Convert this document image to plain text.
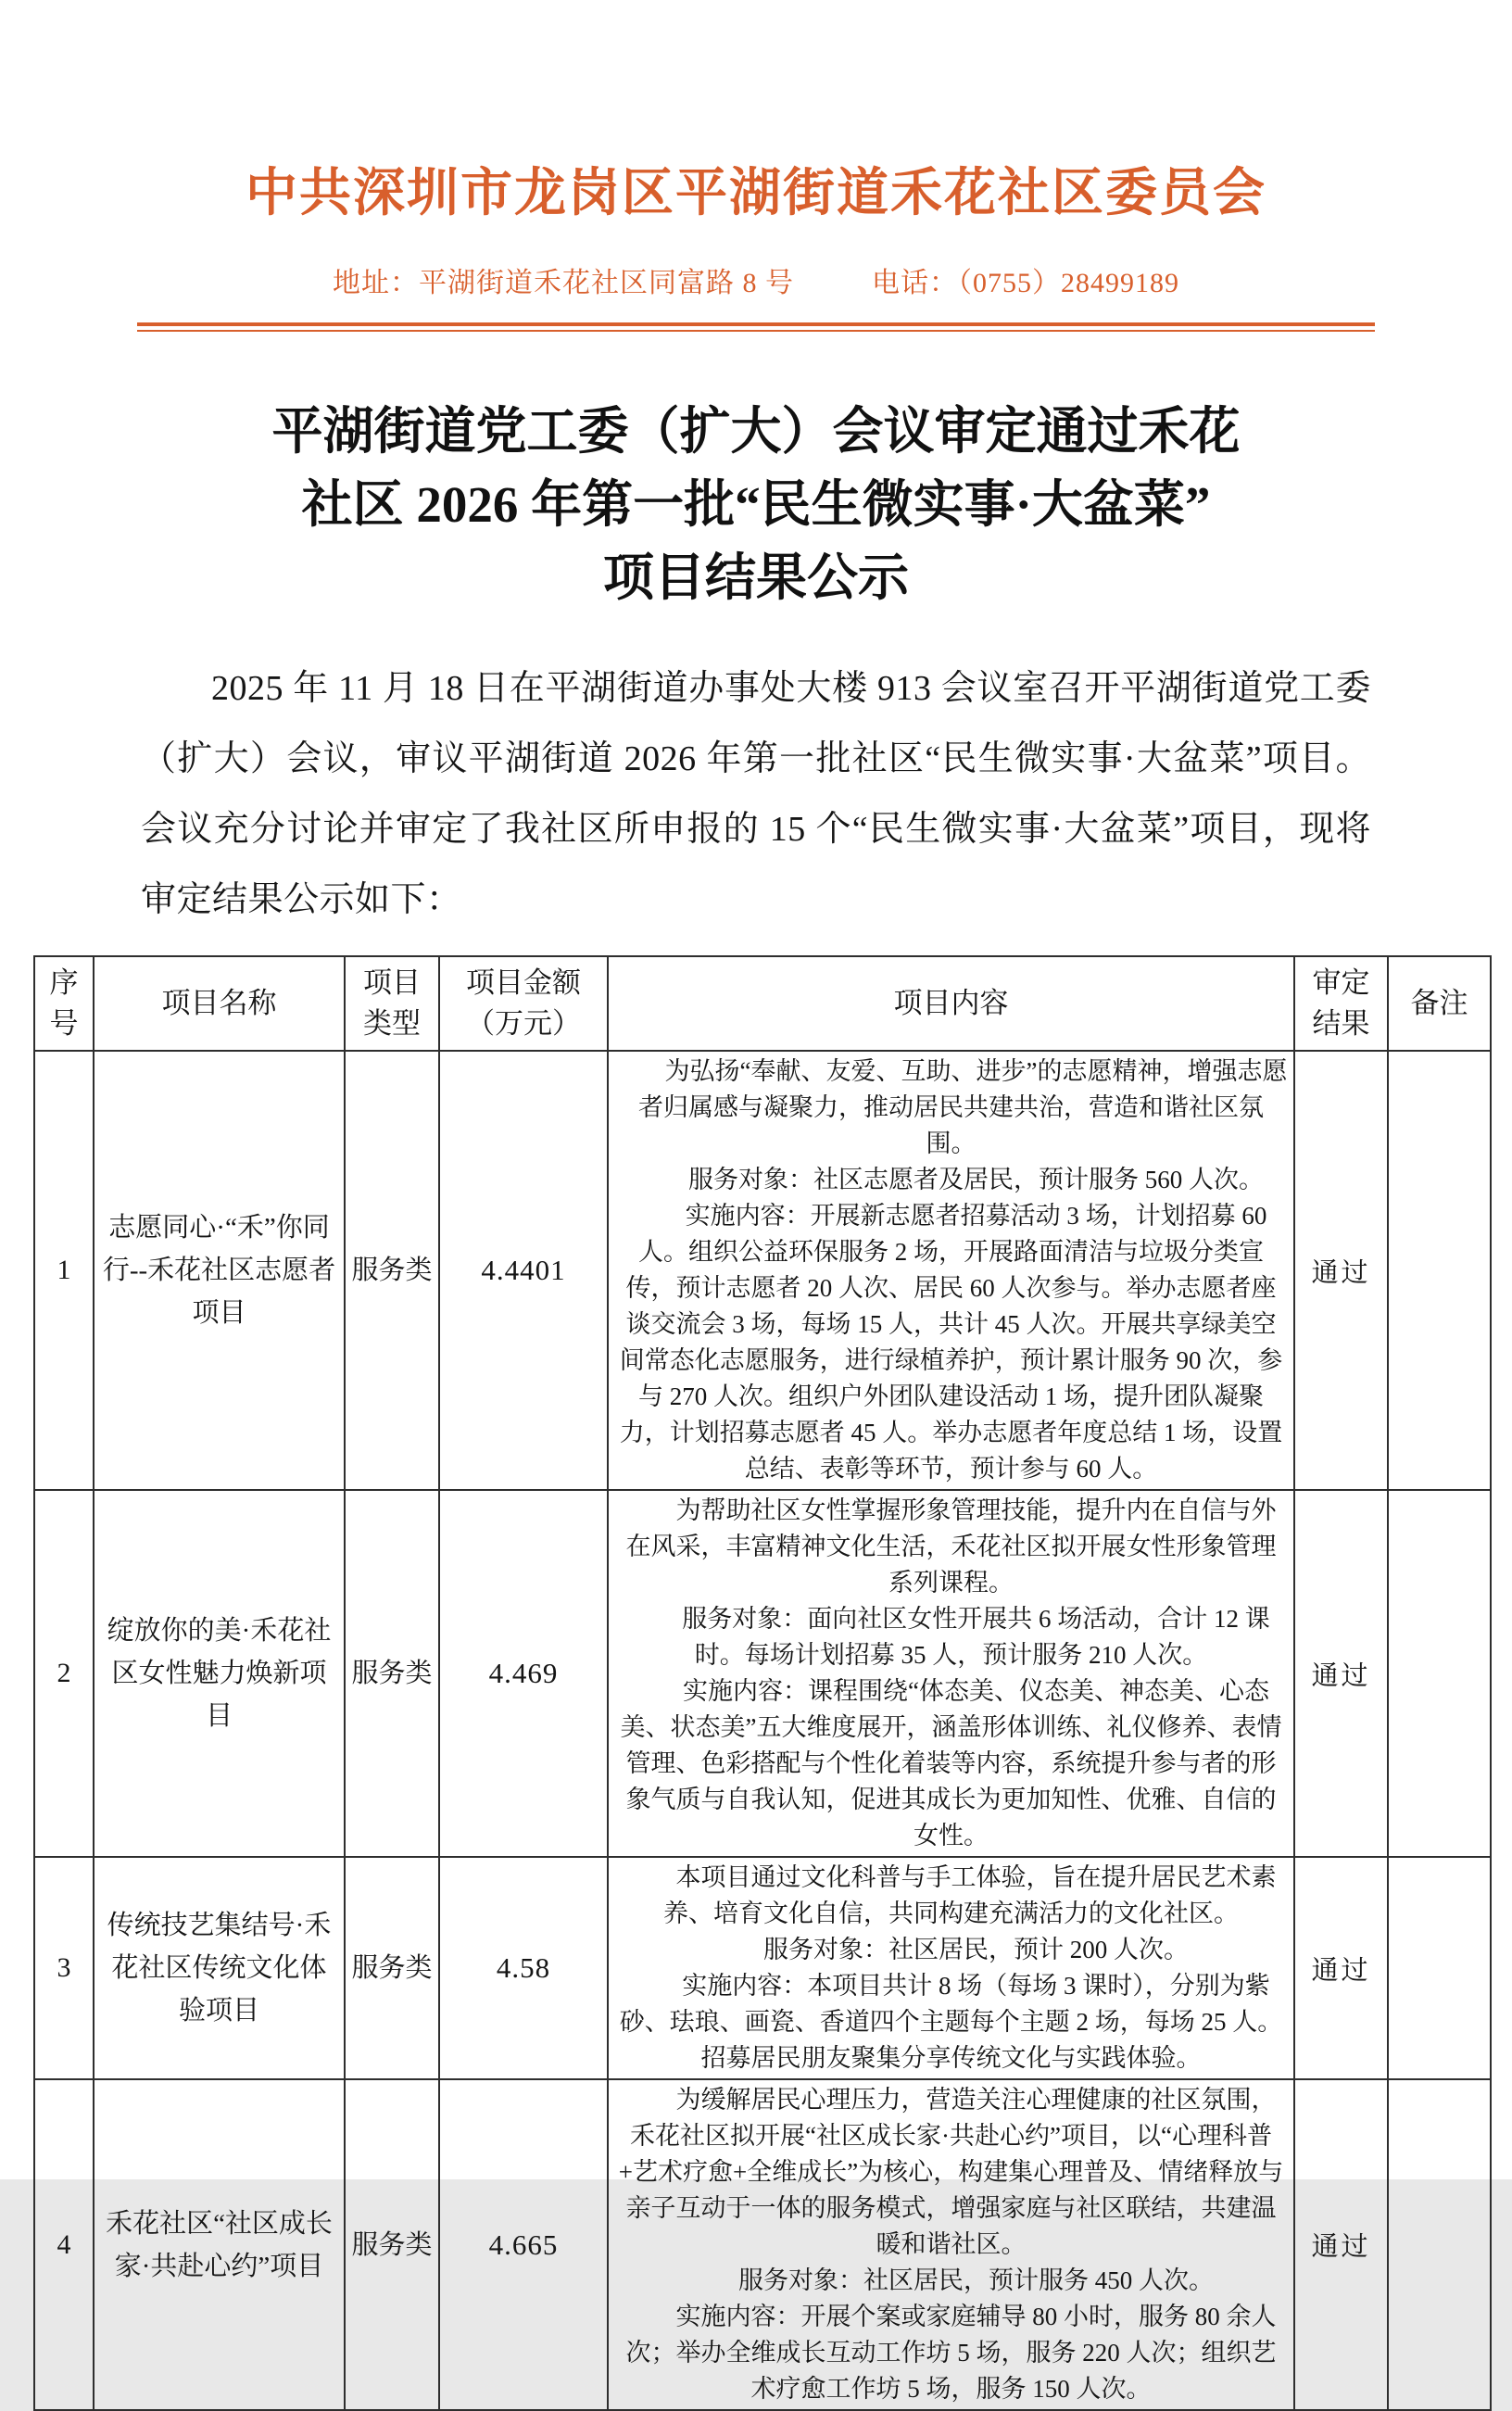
中共深圳市龙岗区平湖街道禾花社区委员会
地址：平湖街道禾花社区同富路 8 号	电话：（0755）28499189
平湖街道党工委（扩大）会议审定通过禾花
社区 2026 年第一批“民生微实事·大盆菜”
项目结果公示

2025 年 11 月 18 日在平湖街道办事处大楼 913 会议室召开平湖街道党工委（扩大）会议，审议平湖街道 2026 年第一批社区“民生微实事·大盆菜”项目。会议充分讨论并审定了我社区所申报的 15 个“民生微实事·大盆菜”项目，现将审定结果公示如下：

序号	项目名称	项目类型	项目金额（万元）	项目内容	审定结果	备注
1	志愿同心·“禾”你同行--禾花社区志愿者项目	服务类	4.4401	为弘扬“奉献、友爱、互助、进步”的志愿精神，增强志愿者归属感与凝聚力，推动居民共建共治，营造和谐社区氛围。

服务对象：社区志愿者及居民，预计服务 560 人次。

实施内容：开展新志愿者招募活动 3 场，计划招募 60 人。组织公益环保服务 2 场，开展路面清洁与垃圾分类宣传，预计志愿者 20 人次、居民 60 人次参与。举办志愿者座谈交流会 3 场，每场 15 人，共计 45 人次。开展共享绿美空间常态化志愿服务，进行绿植养护，预计累计服务 90 次，参与 270 人次。组织户外团队建设活动 1 场，提升团队凝聚力，计划招募志愿者 45 人。举办志愿者年度总结 1 场，设置总结、表彰等环节，预计参与 60 人。	通过	
2	绽放你的美·禾花社区女性魅力焕新项目	服务类	4.469	为帮助社区女性掌握形象管理技能，提升内在自信与外在风采，丰富精神文化生活，禾花社区拟开展女性形象管理系列课程。

服务对象：面向社区女性开展共 6 场活动，合计 12 课时。每场计划招募 35 人，预计服务 210 人次。

实施内容：课程围绕“体态美、仪态美、神态美、心态美、状态美”五大维度展开，涵盖形体训练、礼仪修养、表情管理、色彩搭配与个性化着装等内容，系统提升参与者的形象气质与自我认知，促进其成长为更加知性、优雅、自信的女性。	通过	
3	传统技艺集结号·禾花社区传统文化体验项目	服务类	4.58	本项目通过文化科普与手工体验，旨在提升居民艺术素养、培育文化自信，共同构建充满活力的文化社区。

服务对象：社区居民，预计 200 人次。

实施内容：本项目共计 8 场（每场 3 课时），分别为紫砂、珐琅、画瓷、香道四个主题每个主题 2 场，每场 25 人。招募居民朋友聚集分享传统文化与实践体验。	通过	
4	禾花社区“社区成长家·共赴心约”项目	服务类	4.665	为缓解居民心理压力，营造关注心理健康的社区氛围，禾花社区拟开展“社区成长家·共赴心约”项目，以“心理科普+艺术疗愈+全维成长”为核心，构建集心理普及、情绪释放与亲子互动于一体的服务模式，增强家庭与社区联结，共建温暖和谐社区。

服务对象：社区居民，预计服务 450 人次。

实施内容：开展个案或家庭辅导 80 小时，服务 80 余人次；举办全维成长互动工作坊 5 场，服务 220 人次；组织艺术疗愈工作坊 5 场，服务 150 人次。	通过	
